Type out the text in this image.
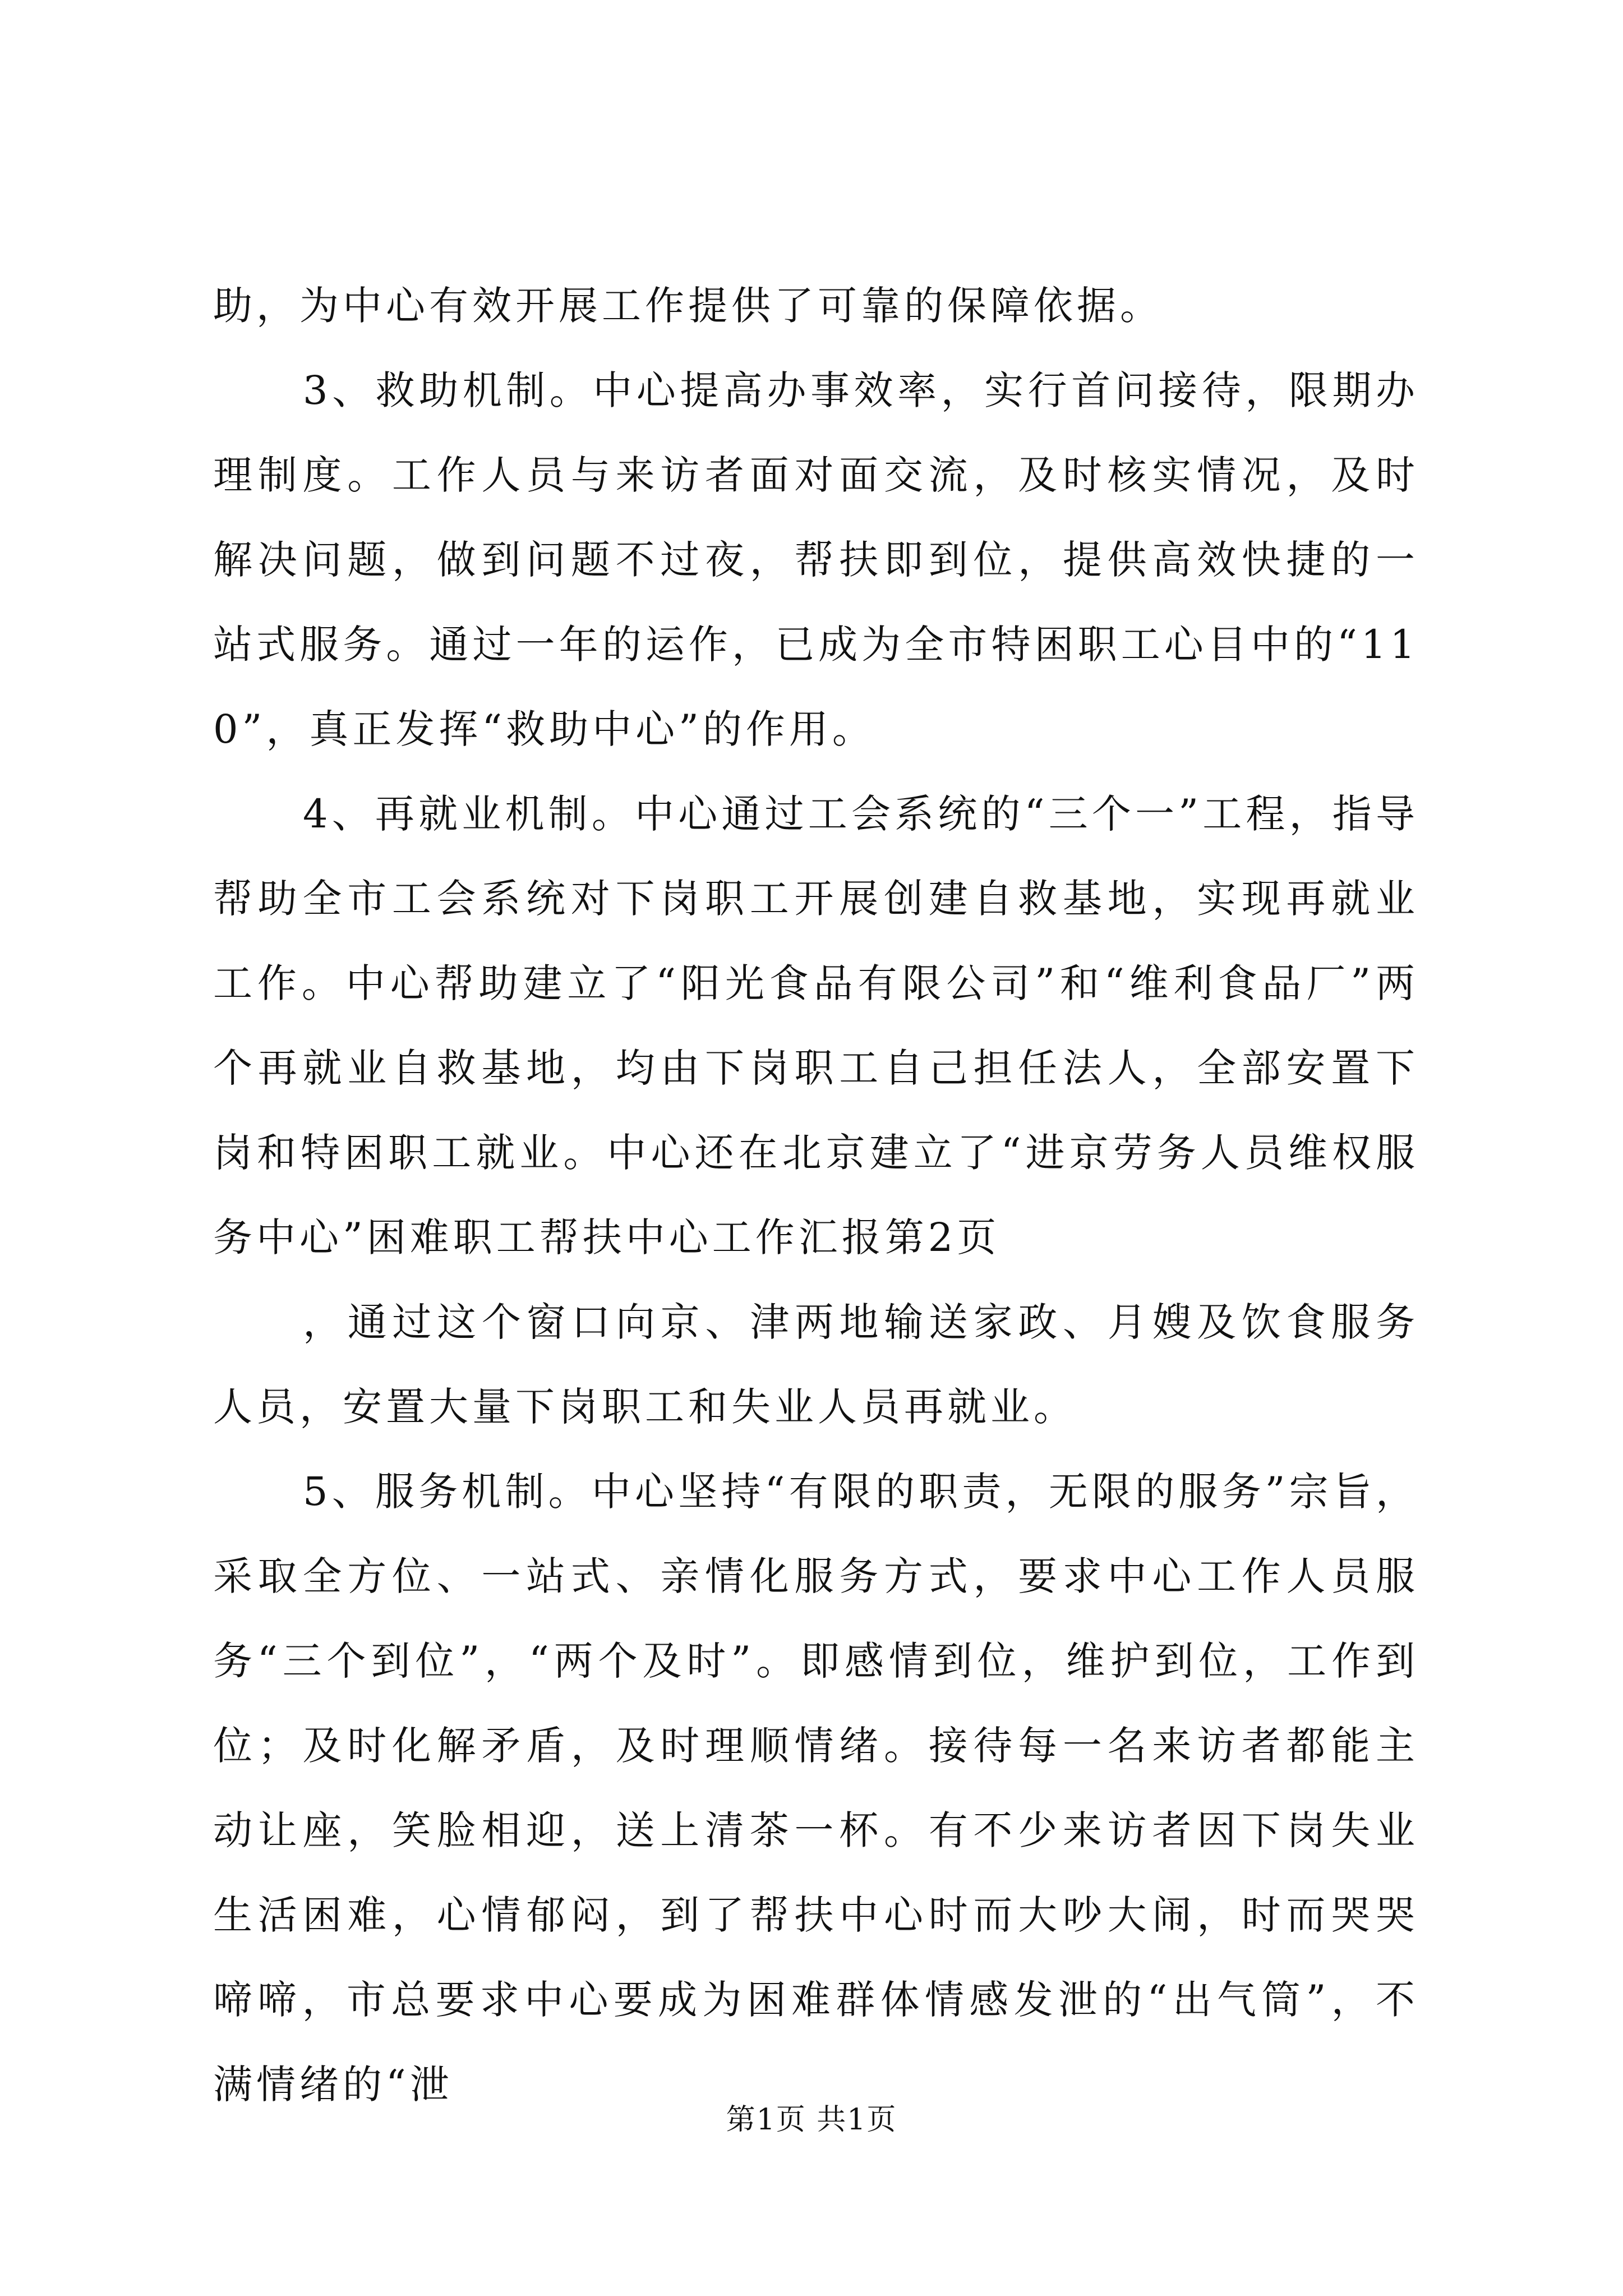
助，为中心有效开展工作提供了可靠的保障依据。

3、救助机制。中心提高办事效率，实行首问接待，限期办理制度。工作人员与来访者面对面交流，及时核实情况，及时解决问题，做到问题不过夜，帮扶即到位，提供高效快捷的一站式服务。通过一年的运作，已成为全市特困职工心目中的“110”，真正发挥“救助中心”的作用。

4、再就业机制。中心通过工会系统的“三个一”工程，指导帮助全市工会系统对下岗职工开展创建自救基地，实现再就业工作。中心帮助建立了“阳光食品有限公司”和“维利食品厂”两个再就业自救基地，均由下岗职工自己担任法人，全部安置下岗和特困职工就业。中心还在北京建立了“进京劳务人员维权服务中心”困难职工帮扶中心工作汇报第2页

，通过这个窗口向京、津两地输送家政、月嫂及饮食服务人员，安置大量下岗职工和失业人员再就业。

5、服务机制。中心坚持“有限的职责，无限的服务”宗旨，采取全方位、一站式、亲情化服务方式，要求中心工作人员服务“三个到位”，“两个及时”。即感情到位，维护到位，工作到位；及时化解矛盾，及时理顺情绪。接待每一名来访者都能主动让座，笑脸相迎，送上清茶一杯。有不少来访者因下岗失业生活困难，心情郁闷，到了帮扶中心时而大吵大闹，时而哭哭啼啼，市总要求中心要成为困难群体情感发泄的“出气筒”，不满情绪的“泄

第1页 共1页
